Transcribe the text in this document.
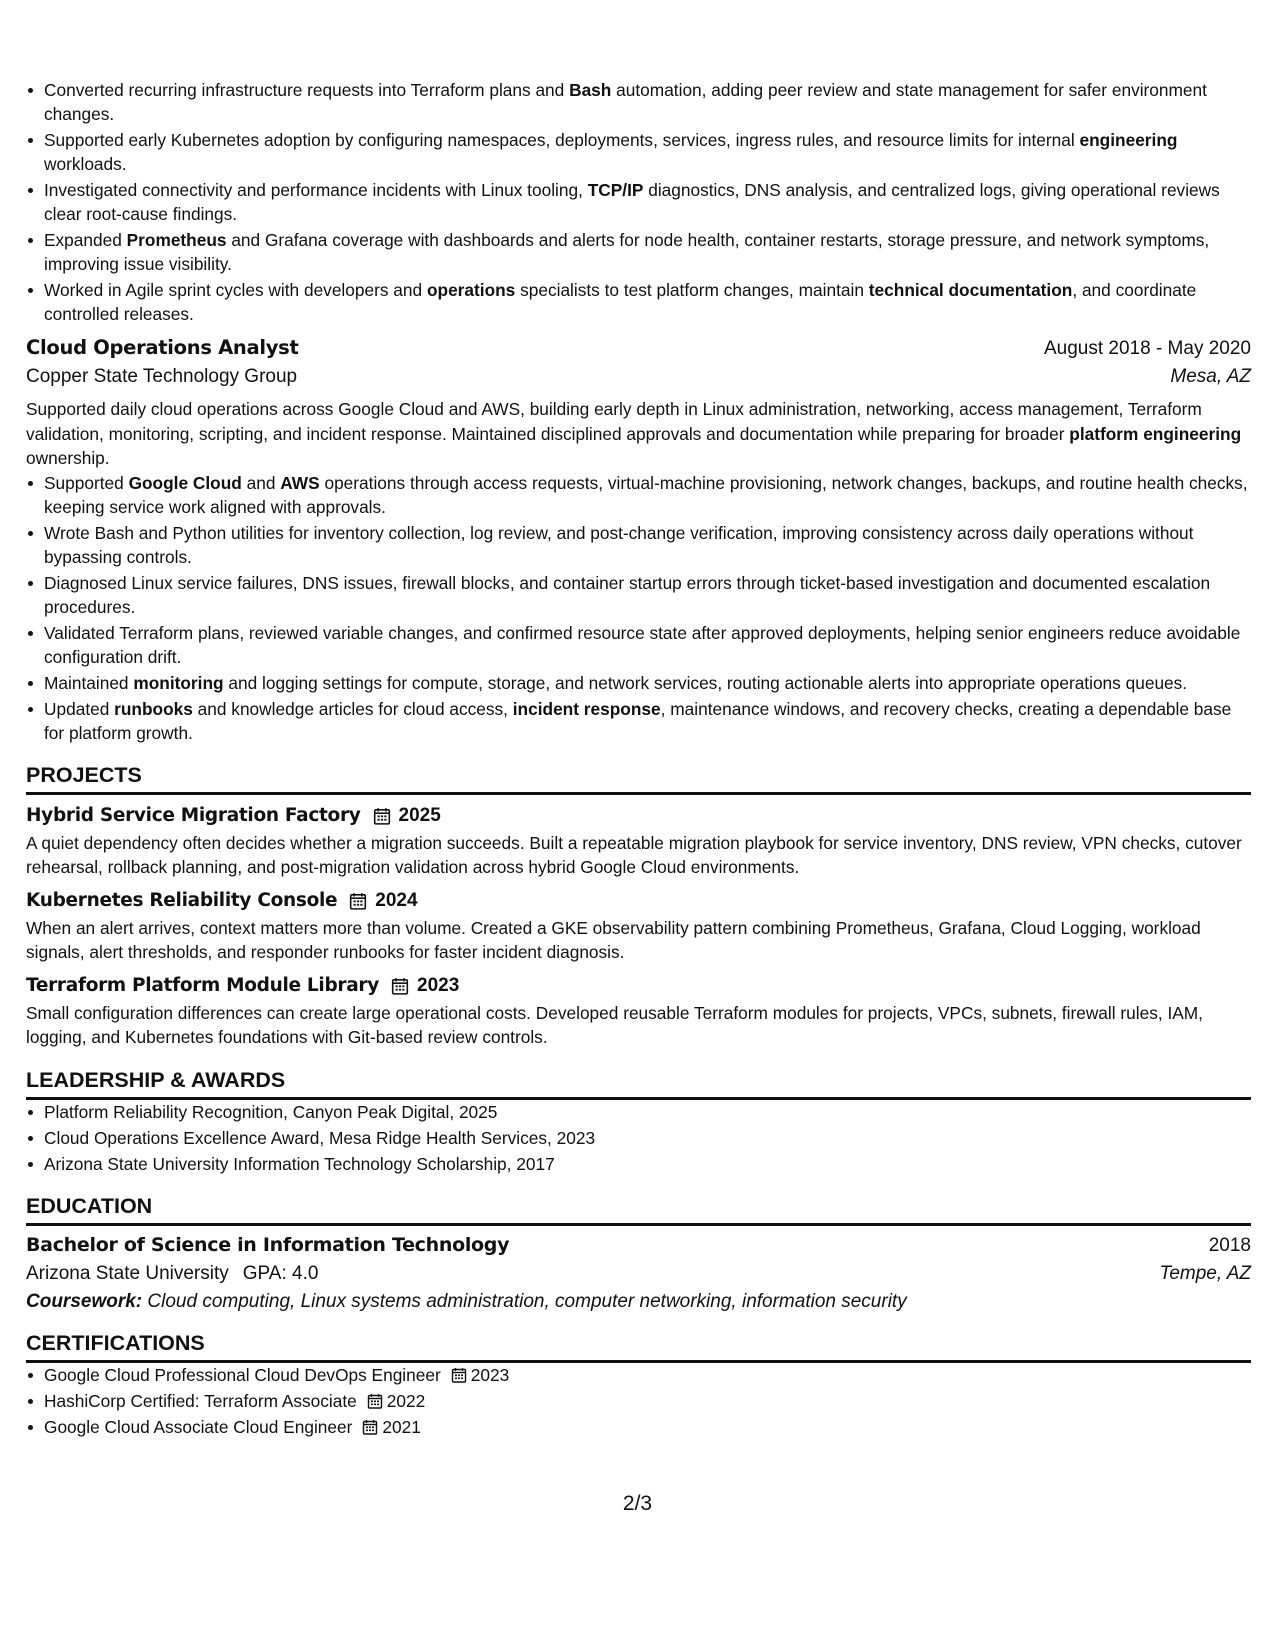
Converted recurring infrastructure requests into Terraform plans and Bash automation, adding peer review and state management for safer environment changes.
Supported early Kubernetes adoption by configuring namespaces, deployments, services, ingress rules, and resource limits for internal engineering workloads.
Investigated connectivity and performance incidents with Linux tooling, TCP/IP diagnostics, DNS analysis, and centralized logs, giving operational reviews clear root-cause findings.
Expanded Prometheus and Grafana coverage with dashboards and alerts for node health, container restarts, storage pressure, and network symptoms, improving issue visibility.
Worked in Agile sprint cycles with developers and operations specialists to test platform changes, maintain technical documentation, and coordinate controlled releases.
Cloud Operations Analyst	August 2018 - May 2020
Copper State Technology Group	Mesa, AZ

Supported daily cloud operations across Google Cloud and AWS, building early depth in Linux administration, networking, access management, Terraform validation, monitoring, scripting, and incident response. Maintained disciplined approvals and documentation while preparing for broader platform engineering ownership.

Supported Google Cloud and AWS operations through access requests, virtual-machine provisioning, network changes, backups, and routine health checks, keeping service work aligned with approvals.
Wrote Bash and Python utilities for inventory collection, log review, and post-change verification, improving consistency across daily operations without bypassing controls.
Diagnosed Linux service failures, DNS issues, firewall blocks, and container startup errors through ticket-based investigation and documented escalation procedures.
Validated Terraform plans, reviewed variable changes, and confirmed resource state after approved deployments, helping senior engineers reduce avoidable configuration drift.
Maintained monitoring and logging settings for compute, storage, and network services, routing actionable alerts into appropriate operations queues.
Updated runbooks and knowledge articles for cloud access, incident response, maintenance windows, and recovery checks, creating a dependable base for platform growth.
PROJECTS
Hybrid Service Migration Factory 2025
A quiet dependency often decides whether a migration succeeds. Built a repeatable migration playbook for service inventory, DNS review, VPN checks, cutover rehearsal, rollback planning, and post-migration validation across hybrid Google Cloud environments.
Kubernetes Reliability Console 2024
When an alert arrives, context matters more than volume. Created a GKE observability pattern combining Prometheus, Grafana, Cloud Logging, workload signals, alert thresholds, and responder runbooks for faster incident diagnosis.
Terraform Platform Module Library 2023
Small configuration differences can create large operational costs. Developed reusable Terraform modules for projects, VPCs, subnets, firewall rules, IAM, logging, and Kubernetes foundations with Git-based review controls.
LEADERSHIP & AWARDS
Platform Reliability Recognition, Canyon Peak Digital, 2025
Cloud Operations Excellence Award, Mesa Ridge Health Services, 2023
Arizona State University Information Technology Scholarship, 2017
EDUCATION
Bachelor of Science in Information Technology	2018
Arizona State University GPA: 4.0	Tempe, AZ
Coursework: Cloud computing, Linux systems administration, computer networking, information security
CERTIFICATIONS
Google Cloud Professional Cloud DevOps Engineer 2023
HashiCorp Certified: Terraform Associate 2022
Google Cloud Associate Cloud Engineer 2021
2/3
